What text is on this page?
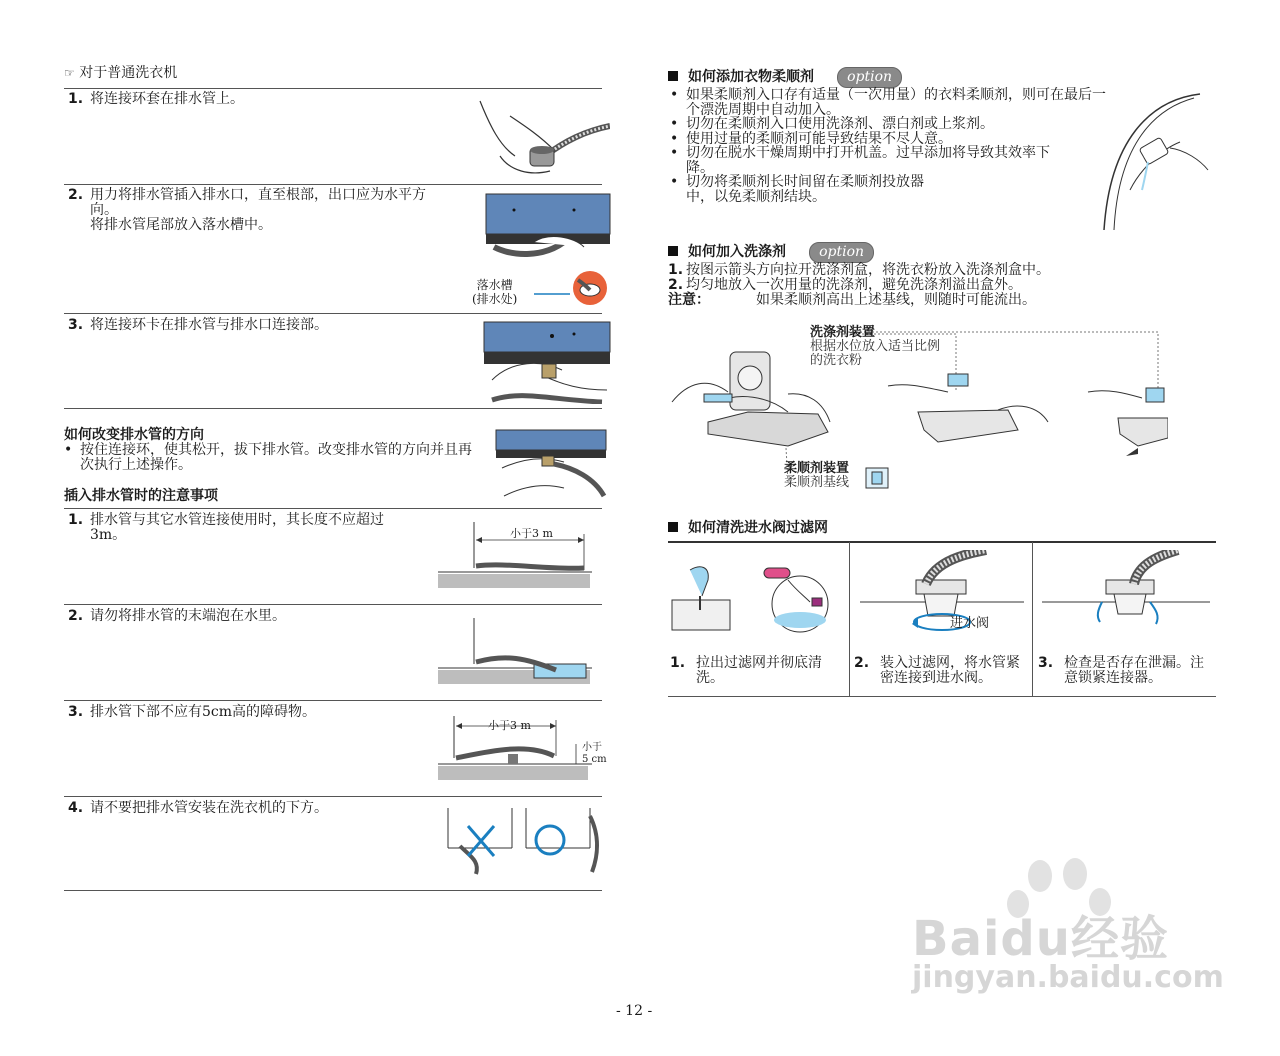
☞ 对于普通洗衣机
1. 将连接环套在排水管上。
2. 用力将排水管插入排水口，直至根部，出口应为水平方向。
将排水管尾部放入落水槽中。
落水槽
(排水处)
3. 将连接环卡在排水管与排水口连接部。
如何改变排水管的方向
• 按住连接环，使其松开，拔下排水管。改变排水管的方向并且再次执行上述操作。
插入排水管时的注意事项
1. 排水管与其它水管连接使用时，其长度不应超过3m。	小于3 m
2. 请勿将排水管的末端泡在水里。
3. 排水管下部不应有5cm高的障碍物。
小于3 m
小于
5 cm
4. 请不要把排水管安装在洗衣机的下方。
如何添加衣物柔顺剂 option
• 如果柔顺剂入口存有适量（一次用量）的衣料柔顺剂，则可在最后一个漂洗周期中自动加入。
• 切勿在柔顺剂入口使用洗涤剂、漂白剂或上浆剂。
• 使用过量的柔顺剂可能导致结果不尽人意。
• 切勿在脱水干燥周期中打开机盖。过早添加将导致其效率下降。
• 切勿将柔顺剂长时间留在柔顺剂投放器中，以免柔顺剂结块。
如何加入洗涤剂 option
1. 按图示箭头方向拉开洗涤剂盒，将洗衣粉放入洗涤剂盒中。
2. 均匀地放入一次用量的洗涤剂，避免洗涤剂溢出盒外。
注意：	如果柔顺剂高出上述基线，则随时可能流出。
洗涤剂装置
根据水位放入适当比例的洗衣粉
柔顺剂装置
柔顺剂基线
如何清洗进水阀过滤网
进水阀
1. 拉出过滤网并彻底清洗。
2. 装入过滤网，将水管紧密连接到进水阀。
3. 检查是否存在泄漏。注意锁紧连接器。
- 12 -
Baidu经验
jingyan.baidu.com
